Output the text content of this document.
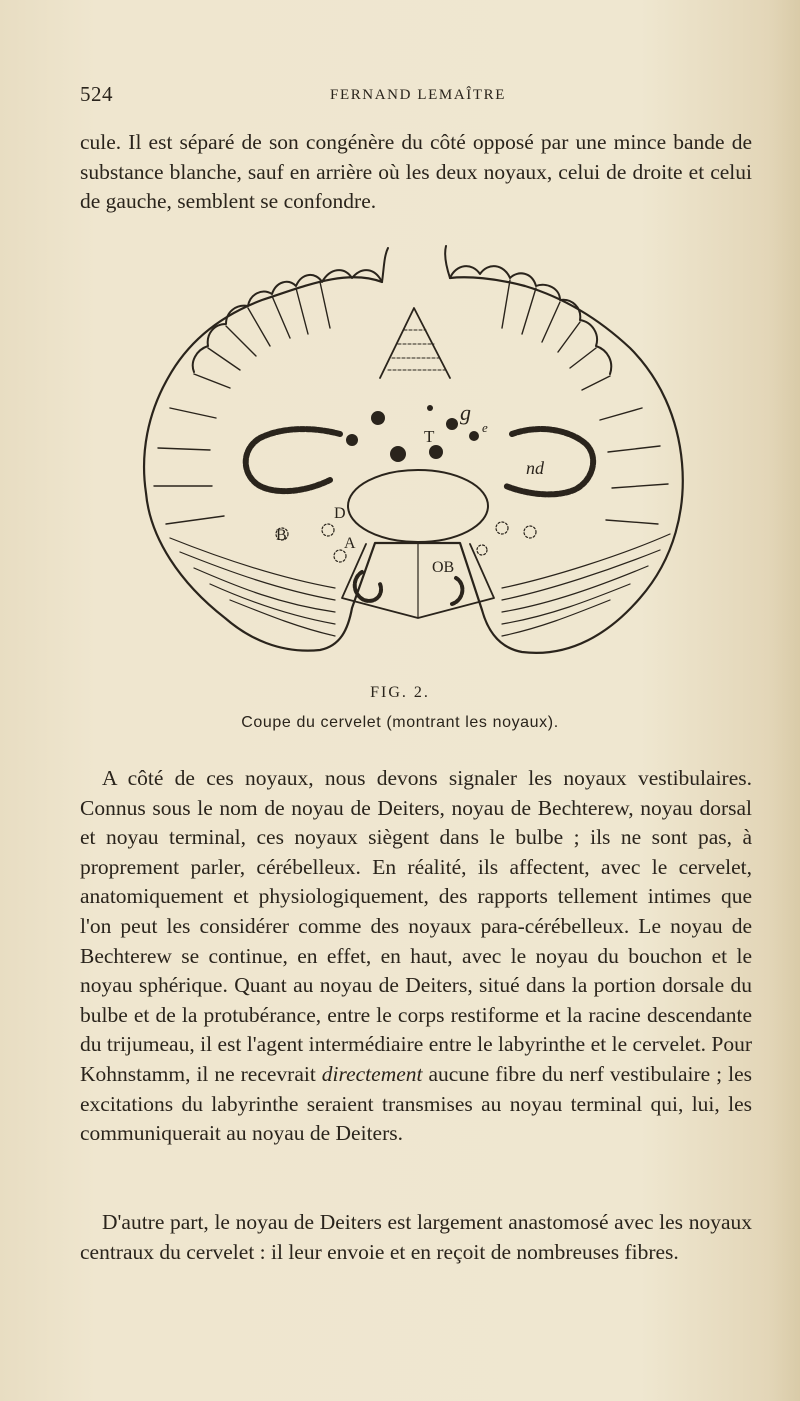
524	FERNAND LEMAÎTRE

cule. Il est séparé de son congénère du côté opposé par une mince bande de substance blanche, sauf en arrière où les deux noyaux, celui de droite et celui de gauche, semblent se confondre.

g
e
T
nd
D
B	A
OB
FIG. 2.
Coupe du cervelet (montrant les noyaux).

A côté de ces noyaux, nous devons signaler les noyaux vestibulaires. Connus sous le nom de noyau de Deiters, noyau de Bechterew, noyau dorsal et noyau terminal, ces noyaux siègent dans le bulbe ; ils ne sont pas, à proprement parler, cérébelleux. En réalité, ils affectent, avec le cervelet, anatomiquement et physiologiquement, des rapports tellement intimes que l'on peut les considérer comme des noyaux para-cérébelleux. Le noyau de Bechterew se continue, en effet, en haut, avec le noyau du bouchon et le noyau sphérique. Quant au noyau de Deiters, situé dans la portion dorsale du bulbe et de la protubérance, entre le corps restiforme et la racine descendante du trijumeau, il est l'agent intermédiaire entre le labyrinthe et le cervelet. Pour Kohnstamm, il ne recevrait directement aucune fibre du nerf vestibulaire ; les excitations du labyrinthe seraient transmises au noyau terminal qui, lui, les communiquerait au noyau de Deiters.

D'autre part, le noyau de Deiters est largement anastomosé avec les noyaux centraux du cervelet : il leur envoie et en reçoit de nombreuses fibres.
